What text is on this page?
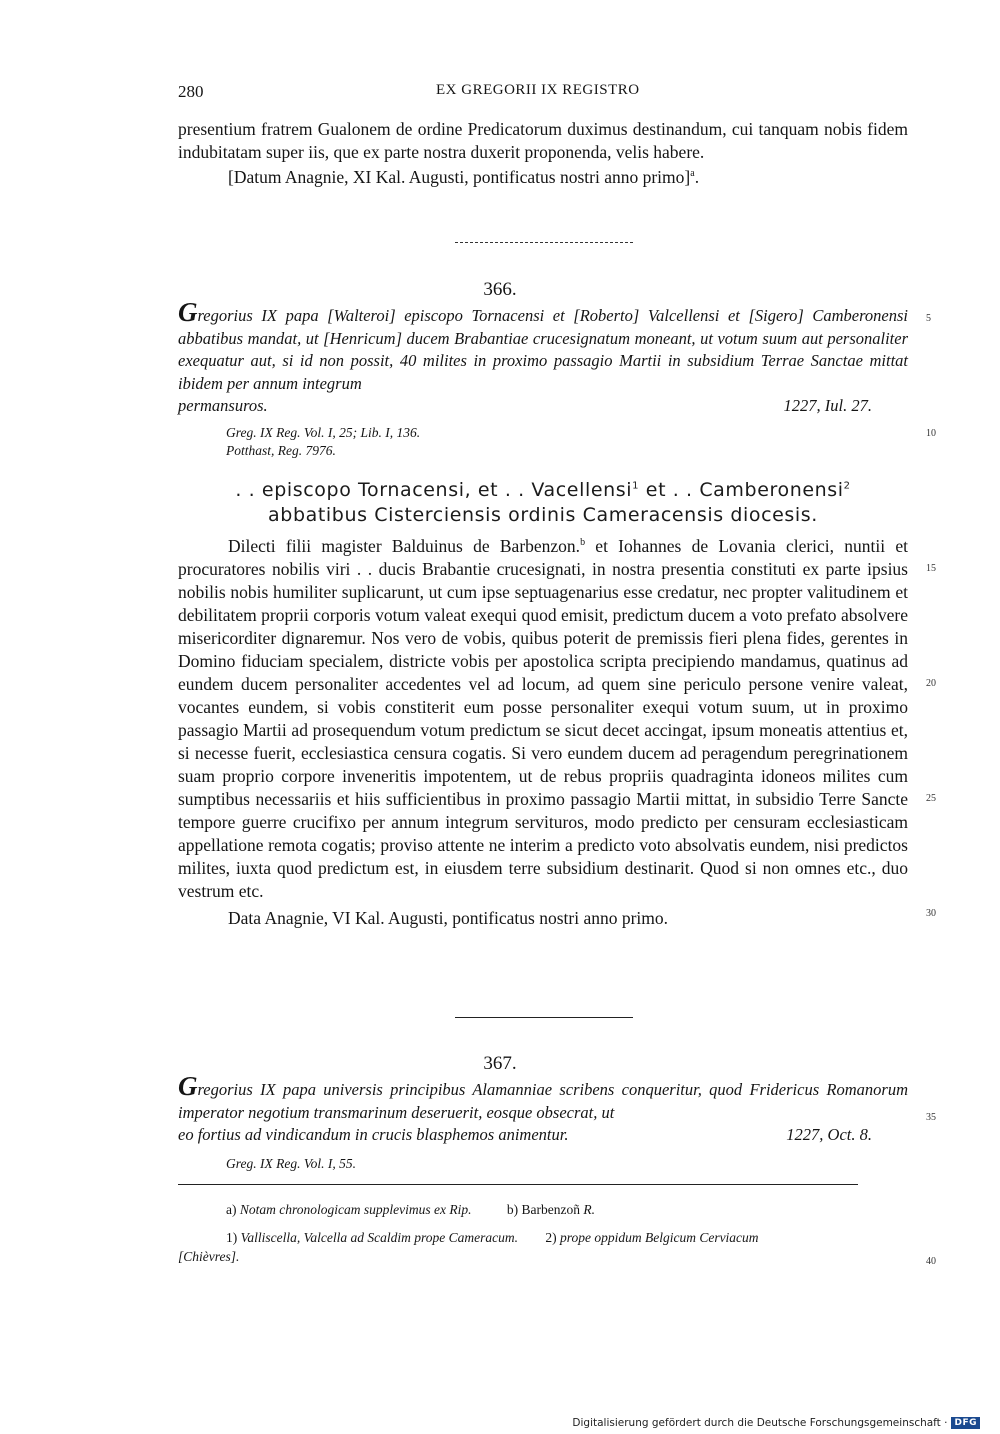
280	EX GREGORII IX REGISTRO

presentium fratrem Gualonem de ordine Predicatorum duximus destinandum, cui tanquam nobis fidem indubitatam super iis, que ex parte nostra duxerit proponenda, velis habere.

[Datum Anagnie, XI Kal. Augusti, pontificatus nostri anno primo]$^a$.

366.
Gregorius IX papa [Walteroi] episcopo Tornacensi et [Roberto] Valcellensi et [Sigero] Camberonensi abbatibus mandat, ut [Henricum] ducem Brabantiae crucesignatum moneant, ut votum suum aut personaliter exequatur aut, si id non possit, 40 milites in proximo passagio Martii in subsidium Terrae Sanctae mittat ibidem per annum integrum
permansuros.	1227, Iul. 27.
Greg. IX Reg. Vol. I, 25; Lib. I, 136.
Potthast, Reg. 7976.
. . episcopo Tornacensi, et . . Vacellensi$^1$ et . . Camberonensi$^2$
abbatibus Cisterciensis ordinis Cameracensis diocesis.

Dilecti filii magister Balduinus de Barbenzon.$^b$ et Iohannes de Lovania clerici, nuntii et procuratores nobilis viri . . ducis Brabantie crucesignati, in nostra presentia constituti ex parte ipsius nobilis nobis humiliter suplicarunt, ut cum ipse septuagenarius esse credatur, nec propter valitudinem et debilitatem proprii corporis votum valeat exequi quod emisit, predictum ducem a voto prefato absolvere misericorditer dignaremur. Nos vero de vobis, quibus poterit de premissis fieri plena fides, gerentes in Domino fiduciam specialem, districte vobis per apostolica scripta precipiendo mandamus, quatinus ad eundem ducem personaliter accedentes vel ad locum, ad quem sine periculo persone venire valeat, vocantes eundem, si vobis constiterit eum posse personaliter exequi votum suum, ut in proximo passagio Martii ad prosequendum votum predictum se sicut decet accingat, ipsum moneatis attentius et, si necesse fuerit, ecclesiastica censura cogatis. Si vero eundem ducem ad peragendum peregrinationem suam proprio corpore inveneritis impotentem, ut de rebus propriis quadraginta idoneos milites cum sumptibus necessariis et hiis sufficientibus in proximo passagio Martii mittat, in subsidio Terre Sancte tempore guerre crucifixo per annum integrum servituros, modo predicto per censuram ecclesiasticam appellatione remota cogatis; proviso attente ne interim a predicto voto absolvatis eundem, nisi predictos milites, iuxta quod predictum est, in eiusdem terre subsidium destinarit. Quod si non omnes etc., duo vestrum etc.

Data Anagnie, VI Kal. Augusti, pontificatus nostri anno primo.

367.
Gregorius IX papa universis principibus Alamanniae scribens conqueritur, quod Fridericus Romanorum imperator negotium transmarinum deseruerit, eosque obsecrat, ut
eo fortius ad vindicandum in crucis blasphemos animentur.	1227, Oct. 8.
Greg. IX Reg. Vol. I, 55.
a) Notam chronologicam supplevimus ex Rip.	b) Barbenzoñ R.
1) Valliscella, Valcella ad Scaldim prope Cameracum. 2) prope oppidum Belgicum Cerviacum
[Chièvres].
5
10
15
20
25
30
35
40
Digitalisierung gefördert durch die Deutsche Forschungsgemeinschaft · DFG
